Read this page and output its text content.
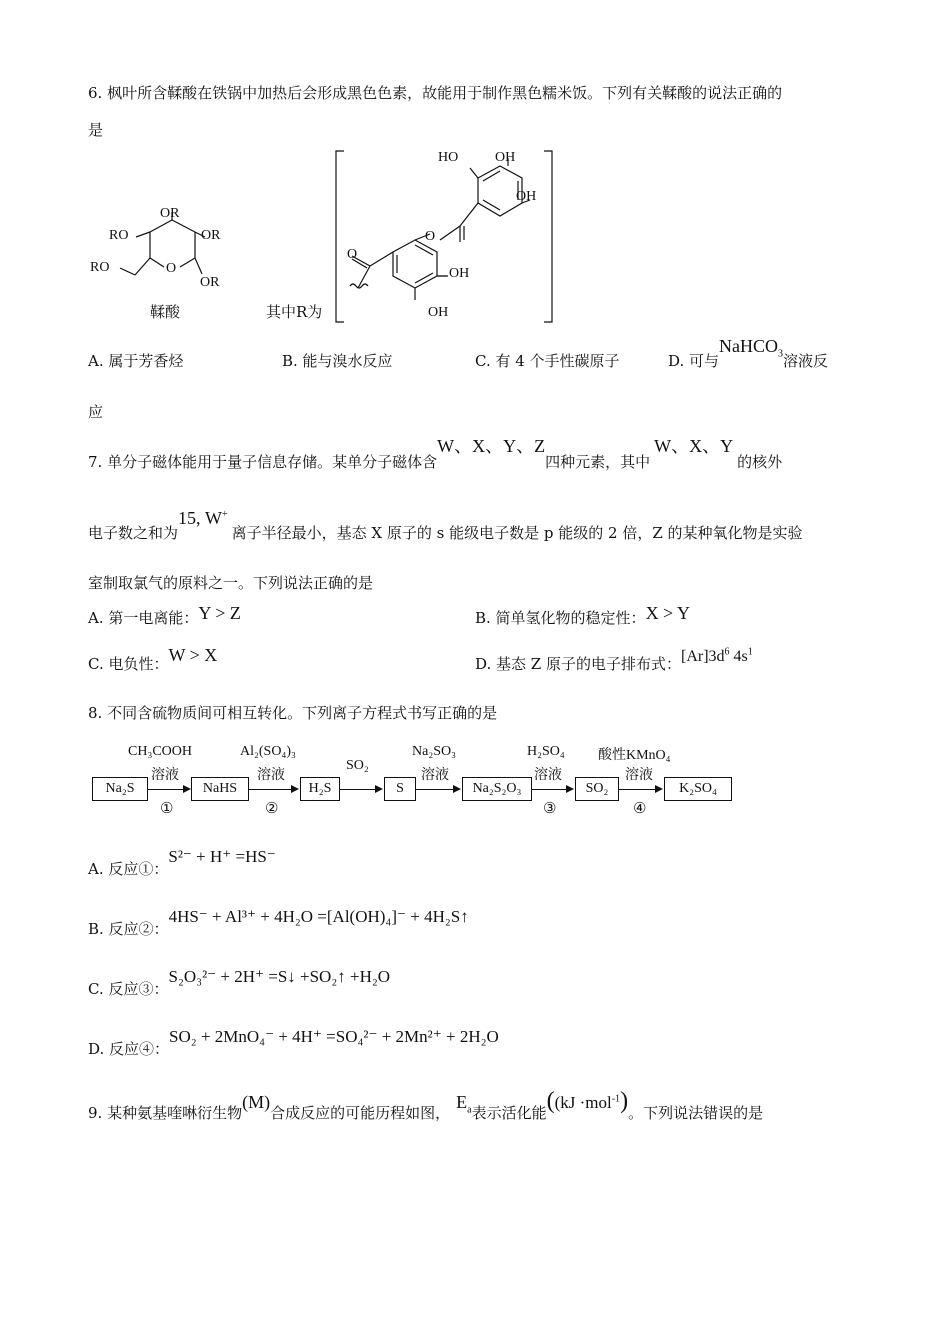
6. 枫叶所含鞣酸在铁锅中加热后会形成黑色色素，故能用于制作黑色糯米饭。下列有关鞣酸的说法正确的
是
OR
RO	OR
RO	O
OR
鞣酸	其中R为
HO	OH
OH
O
O
OH
OH
A. 属于芳香烃	B. 能与溴水反应	C. 有 4 个手性碳原子	D. 可与NaHCO$_3$溶液反
应
7. 单分子磁体能用于量子信息存储。某单分子磁体含W、X、Y、Z四种元素，其中W、X、Y的核外
电子数之和为15, W+离子半径最小，基态 X 原子的 s 能级电子数是 p 能级的 2 倍，Z 的某种氧化物是实验
室制取氯气的原料之一。下列说法正确的是
A. 第一电离能：Y > Z	B. 简单氢化物的稳定性：X > Y
C. 电负性：W > X	D. 基态 Z 原子的电子排布式：$[Ar]3d^6$ $4s^1$
8. 不同含硫物质间可相互转化。下列离子方程式书写正确的是
Na₂S	NaHS	H₂S	S	Na₂S₂O₃	SO₂	K₂SO₄
CH₃COOH
溶液
①
Al₂(SO₄)₃
溶液
②
SO₂
Na₂SO₃
溶液
H₂SO₄
溶液
③
酸性KMnO₄
溶液
④
A. 反应①：S²⁻ + H⁺ =HS⁻
B. 反应②：4HS⁻ + Al³⁺ + 4H₂O =[Al(OH)₄]⁻ + 4H₂S↑
C. 反应③：S₂O₃²⁻ + 2H⁺ =S↓ +SO₂↑ +H₂O
D. 反应④：SO₂ + 2MnO₄⁻ + 4H⁺ =SO₄²⁻ + 2Mn²⁺ + 2H₂O
9. 某种氨基喹啉衍生物(M)合成反应的可能历程如图，$E_a$表示活化能((kJ ·mol$^{-1}$)。下列说法错误的是
